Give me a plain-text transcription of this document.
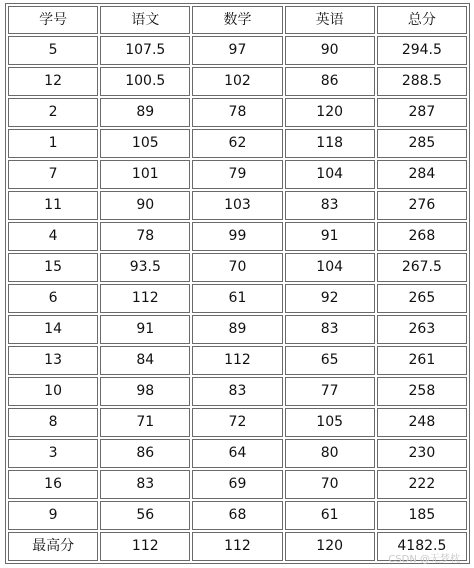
学号	语文	数学	英语	总分
5	107.5	97	90	294.5
12	100.5	102	86	288.5
2	89	78	120	287
1	105	62	118	285
7	101	79	104	284
11	90	103	83	276
4	78	99	91	268
15	93.5	70	104	267.5
6	112	61	92	265
14	91	89	83	263
13	84	112	65	261
10	98	83	77	258
8	71	72	105	248
3	86	64	80	230
16	83	69	70	222
9	56	68	61	185
最高分	112	112	120	4182.5
CSDN @无梦枕
